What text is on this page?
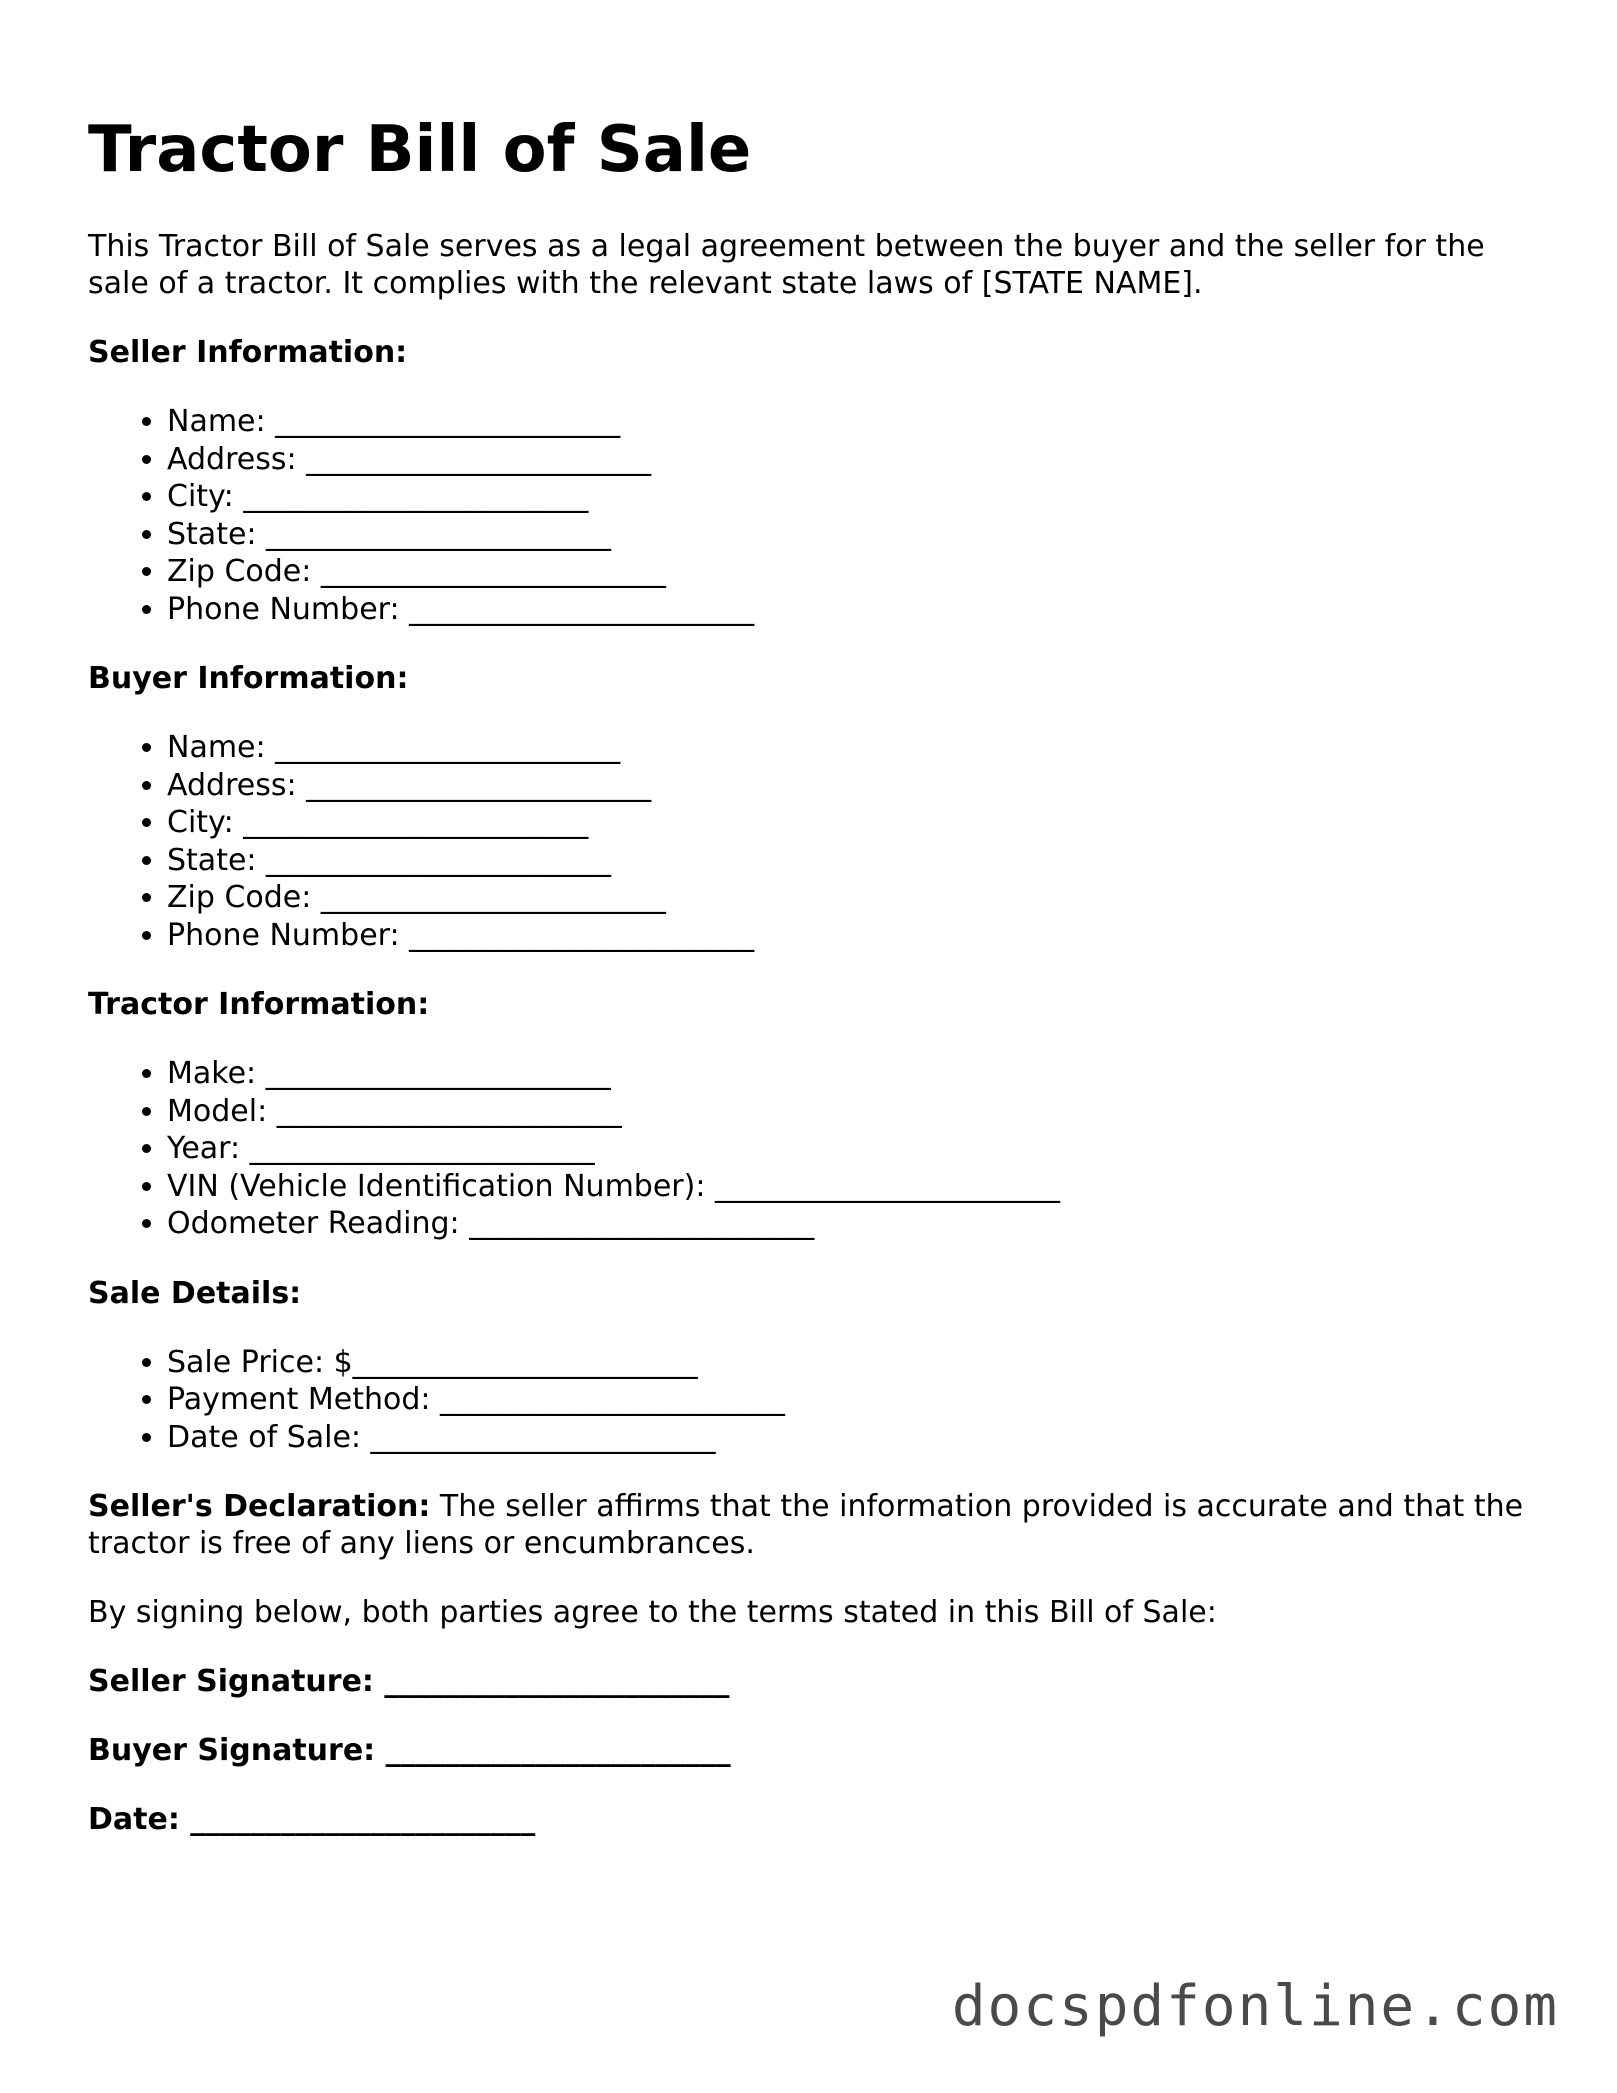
Tractor Bill of Sale

This Tractor Bill of Sale serves as a legal agreement between the buyer and the seller for the sale of a tractor. It complies with the relevant state laws of [STATE NAME].

Seller Information:
• Name: _______________________
• Address: _______________________
• City: _______________________
• State: _______________________
• Zip Code: _______________________
• Phone Number: _______________________
Buyer Information:
• Name: _______________________
• Address: _______________________
• City: _______________________
• State: _______________________
• Zip Code: _______________________
• Phone Number: _______________________
Tractor Information:
• Make: _______________________
• Model: _______________________
• Year: _______________________
• VIN (Vehicle Identification Number): _______________________
• Odometer Reading: _______________________
Sale Details:
• Sale Price: $_______________________
• Payment Method: _______________________
• Date of Sale: _______________________

Seller's Declaration: The seller affirms that the information provided is accurate and that the tractor is free of any liens or encumbrances.

By signing below, both parties agree to the terms stated in this Bill of Sale:

Seller Signature: _______________________
Buyer Signature: _______________________
Date: _______________________
docspdfonline.com
